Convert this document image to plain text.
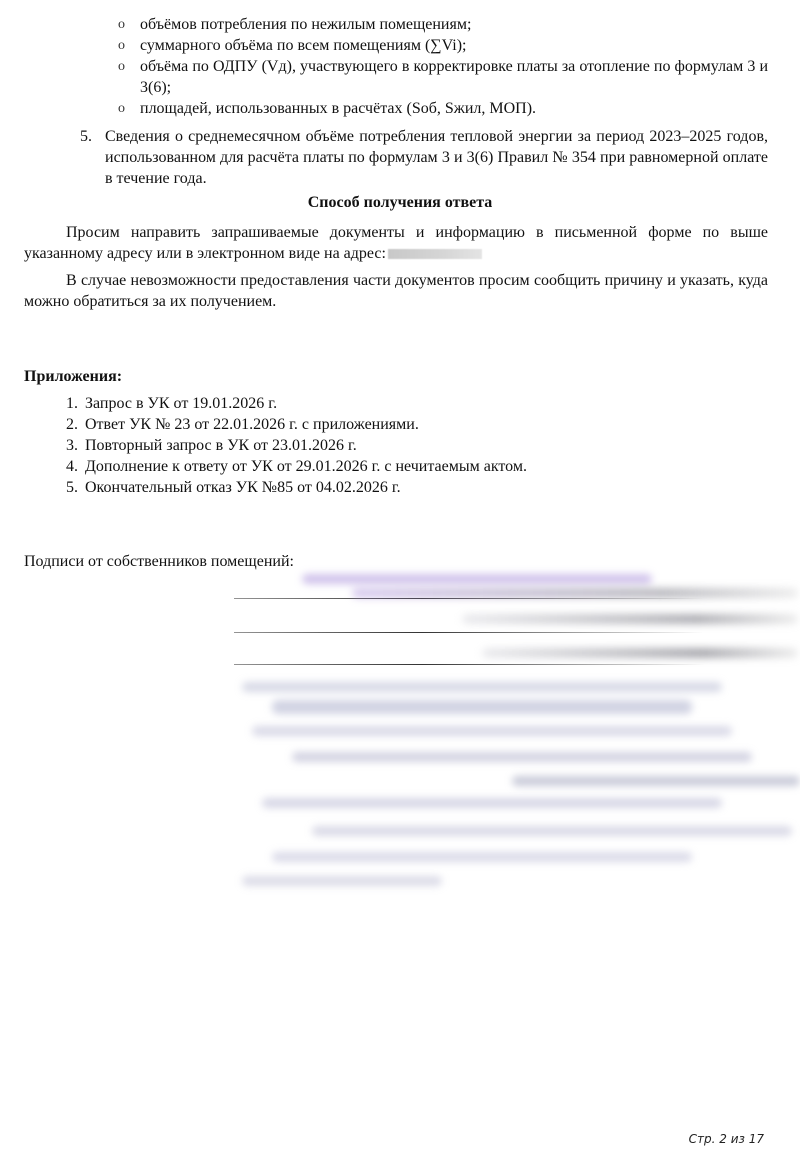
o объёмов потребления по нежилым помещениям;
o суммарного объёма по всем помещениям (∑Vi);
o объёма по ОДПУ (Vд), участвующего в корректировке платы за отопление по формулам 3 и 3(6);
o площадей, использованных в расчётах (Sоб, Sжил, МОП).
5. Сведения о среднемесячном объёме потребления тепловой энергии за период 2023–2025 годов, использованном для расчёта платы по формулам 3 и 3(6) Правил № 354 при равномерной оплате в течение года.
Способ получения ответа
Просим направить запрашиваемые документы и информацию в письменной форме по выше указанному адресу или в электронном виде на адрес:
В случае невозможности предоставления части документов просим сообщить причину и указать, куда можно обратиться за их получением.
Приложения:
1. Запрос в УК от 19.01.2026 г.
2. Ответ УК № 23 от 22.01.2026 г. с приложениями.
3. Повторный запрос в УК от 23.01.2026 г.
4. Дополнение к ответу от УК от 29.01.2026 г. с нечитаемым актом.
5. Окончательный отказ УК №85 от 04.02.2026 г.
Подписи от собственников помещений:
Стр. 2 из 17
